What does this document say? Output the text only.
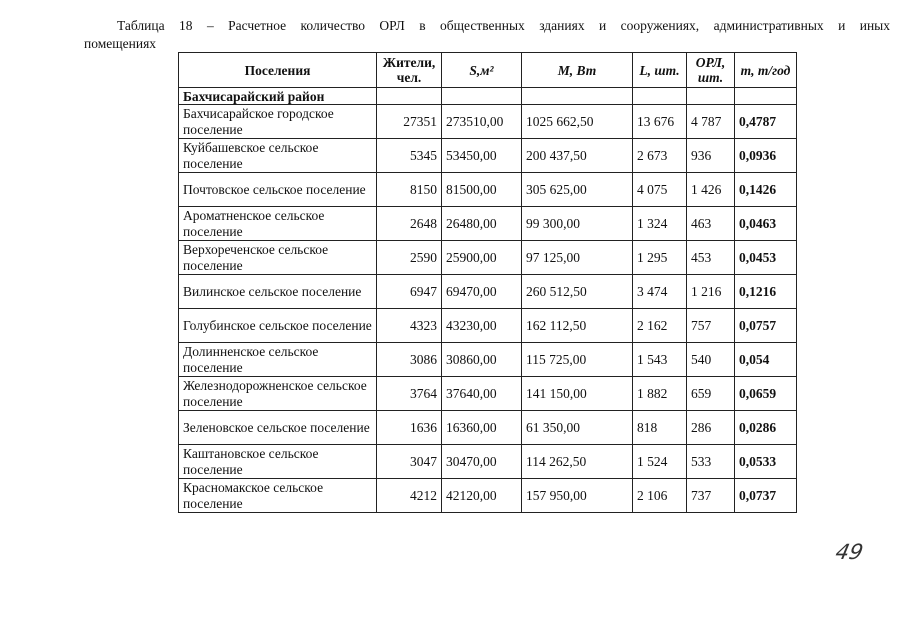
Таблица 18 – Расчетное количество ОРЛ в общественных зданиях и сооружениях, административных и иных
помещениях
Поселения	Жители, чел.	S,м²	M, Вт	L, шт.	ОРЛ, шт.	m, т/год
Бахчисарайский район						
Бахчисарайское городское поселение	27351	273510,00	1025 662,50	13 676	4 787	0,4787
Куйбашевское сельское поселение	5345	53450,00	200 437,50	2 673	936	0,0936
Почтовское сельское поселение	8150	81500,00	305 625,00	4 075	1 426	0,1426
Ароматненское сельское поселение	2648	26480,00	99 300,00	1 324	463	0,0463
Верхореченское сельское поселение	2590	25900,00	97 125,00	1 295	453	0,0453
Вилинское сельское поселение	6947	69470,00	260 512,50	3 474	1 216	0,1216
Голубинское сельское поселение	4323	43230,00	162 112,50	2 162	757	0,0757
Долинненское сельское поселение	3086	30860,00	115 725,00	1 543	540	0,054
Железнодорожненское сельское поселение	3764	37640,00	141 150,00	1 882	659	0,0659
Зеленовское сельское поселение	1636	16360,00	61 350,00	818	286	0,0286
Каштановское сельское поселение	3047	30470,00	114 262,50	1 524	533	0,0533
Красномакское сельское поселение	4212	42120,00	157 950,00	2 106	737	0,0737
49
